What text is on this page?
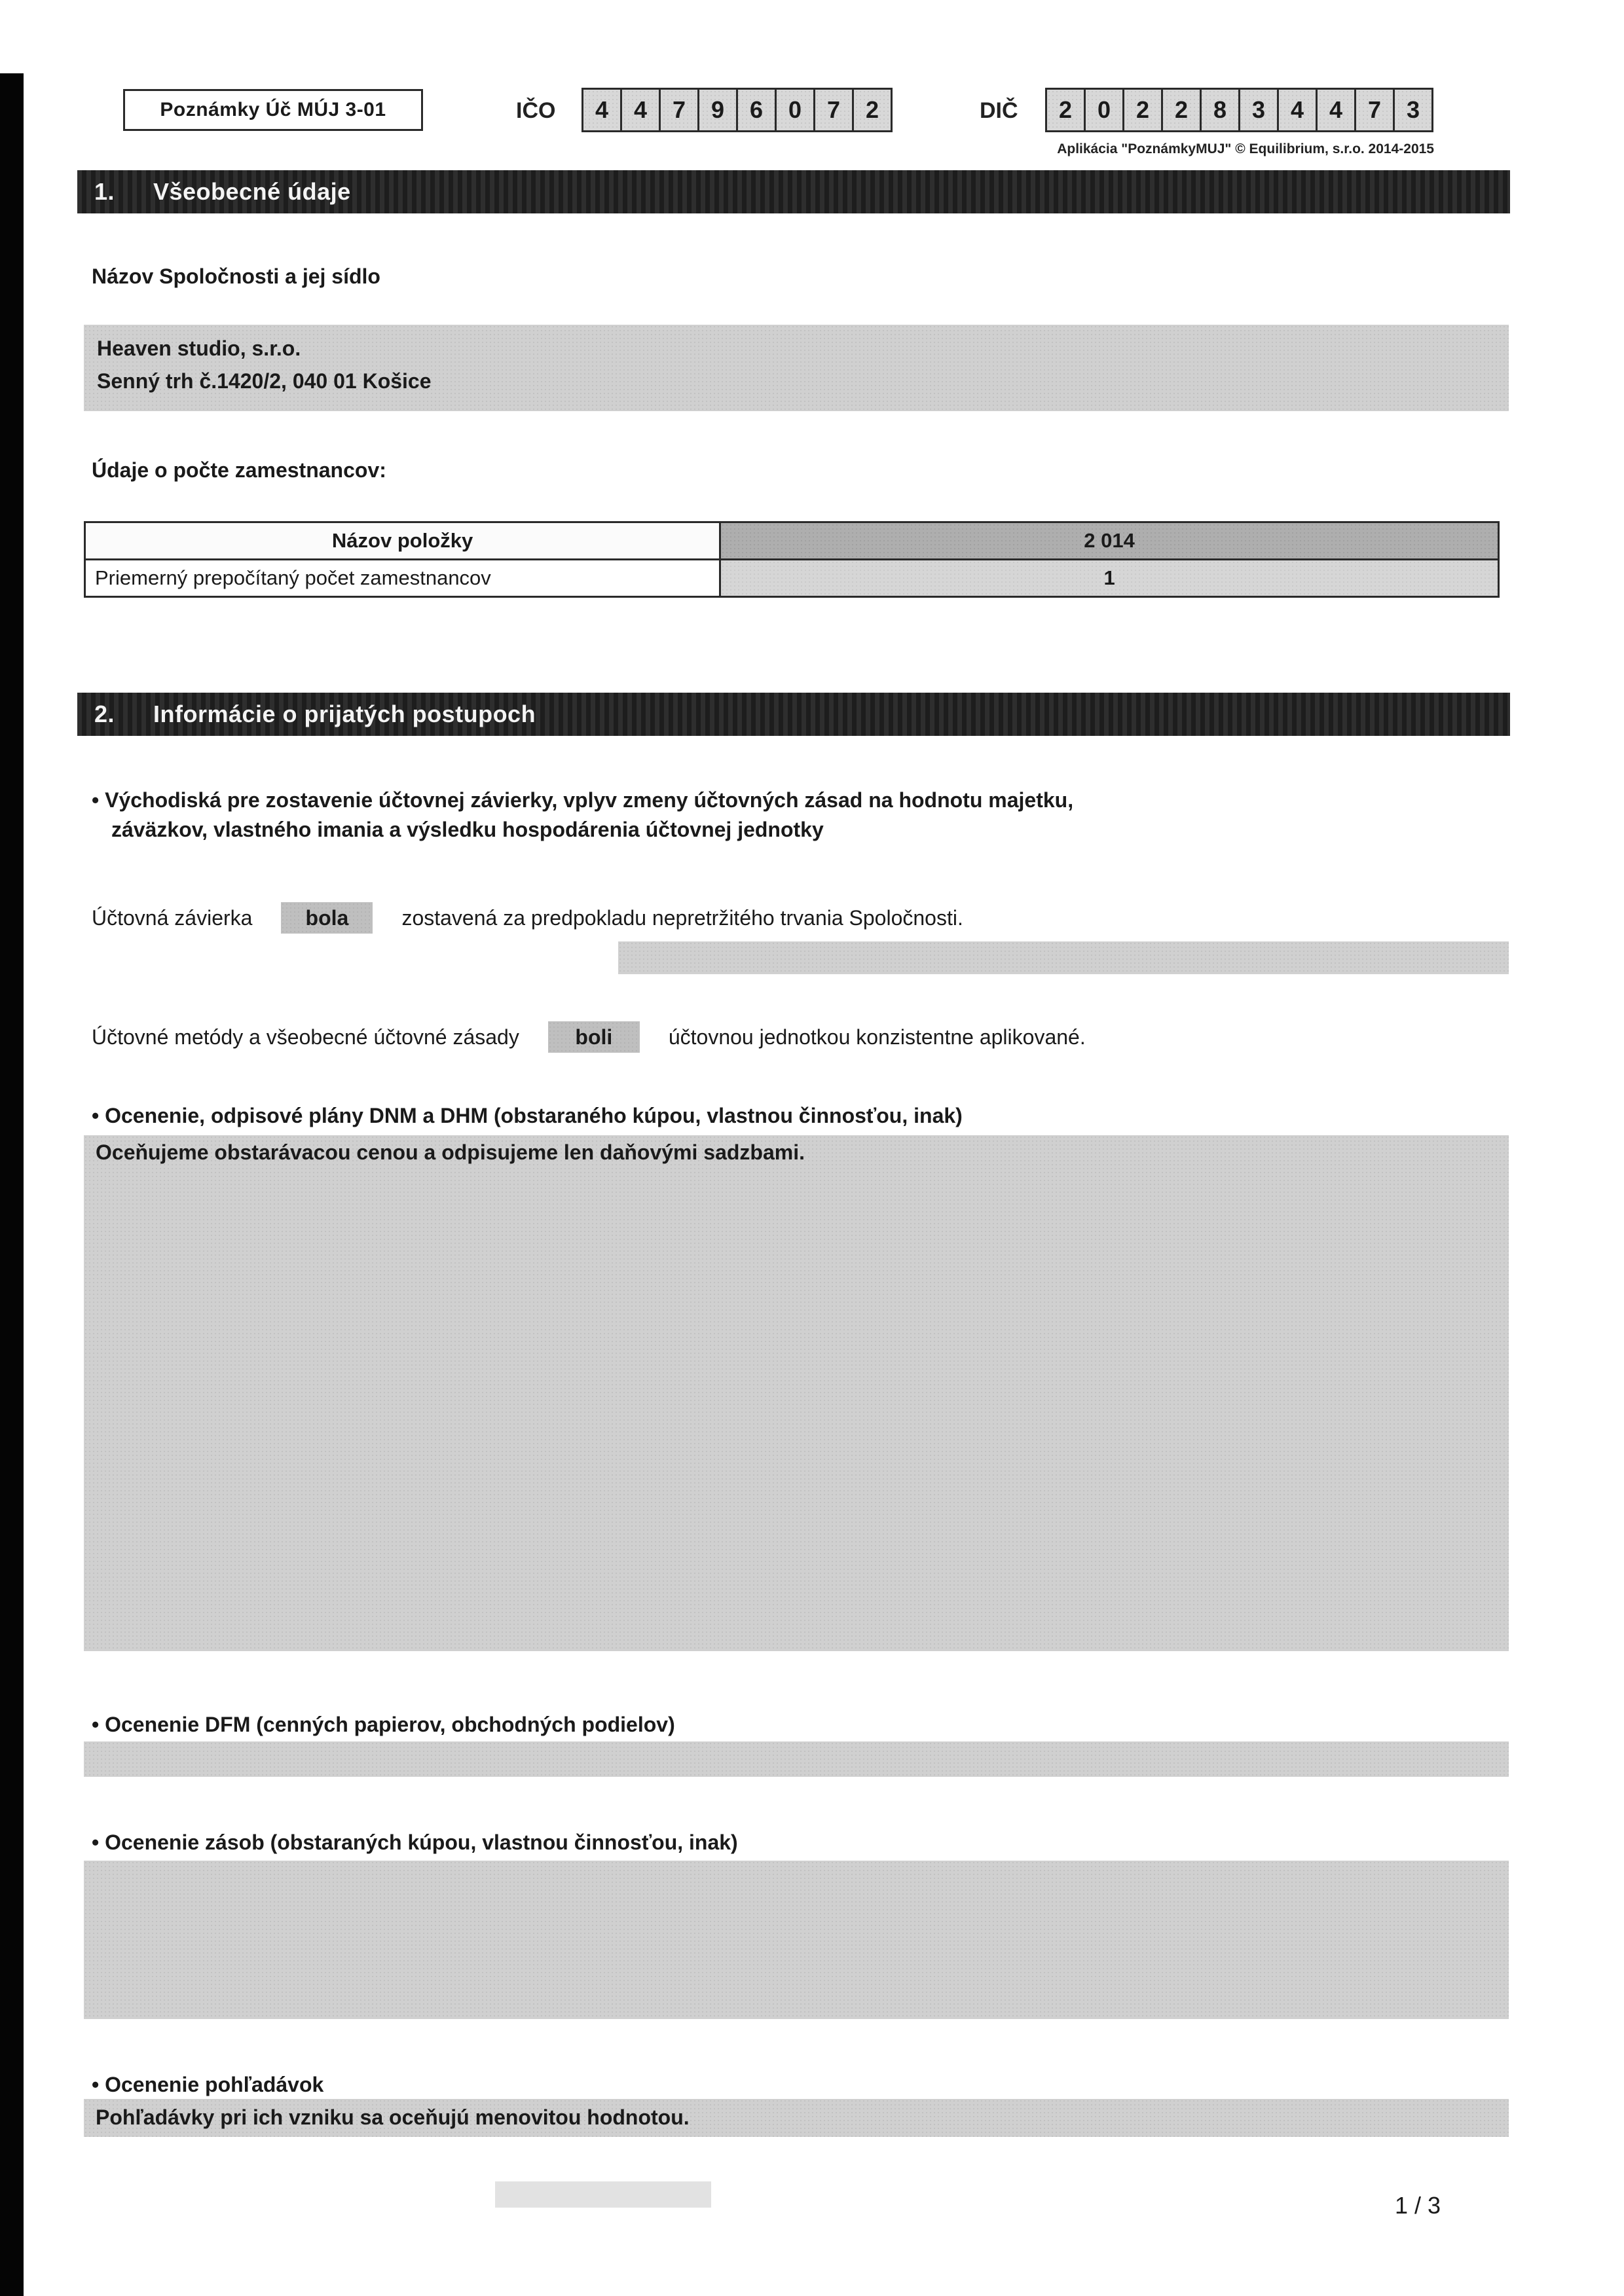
Poznámky Úč MÚJ 3-01	IČO	4	4	7	9	6	0	7	2	DIČ	2	0	2	2	8	3	4	4	7	3
Aplikácia "PoznámkyMUJ" © Equilibrium, s.r.o. 2014-2015
1.	Všeobecné údaje
Názov Spoločnosti a jej sídlo
Heaven studio, s.r.o.
Senný trh č.1420/2, 040 01 Košice
Údaje o počte zamestnancov:
Názov položky	2 014
Priemerný prepočítaný počet zamestnancov	1
2.	Informácie o prijatých postupoch
• Východiská pre zostavenie účtovnej závierky, vplyv zmeny účtovných zásad na hodnotu majetku,
záväzkov, vlastného imania a výsledku hospodárenia účtovnej jednotky
Účtovná závierka	bola	zostavená za predpokladu nepretržitého trvania Spoločnosti.
Účtovné metódy a všeobecné účtovné zásady	boli	účtovnou jednotkou konzistentne aplikované.
• Ocenenie, odpisové plány DNM a DHM (obstaraného kúpou, vlastnou činnosťou, inak)
Oceňujeme obstarávacou cenou a odpisujeme len daňovými sadzbami.
• Ocenenie DFM (cenných papierov, obchodných podielov)
• Ocenenie zásob (obstaraných kúpou, vlastnou činnosťou, inak)
• Ocenenie pohľadávok
Pohľadávky pri ich vzniku sa oceňujú menovitou hodnotou.
1 / 3
